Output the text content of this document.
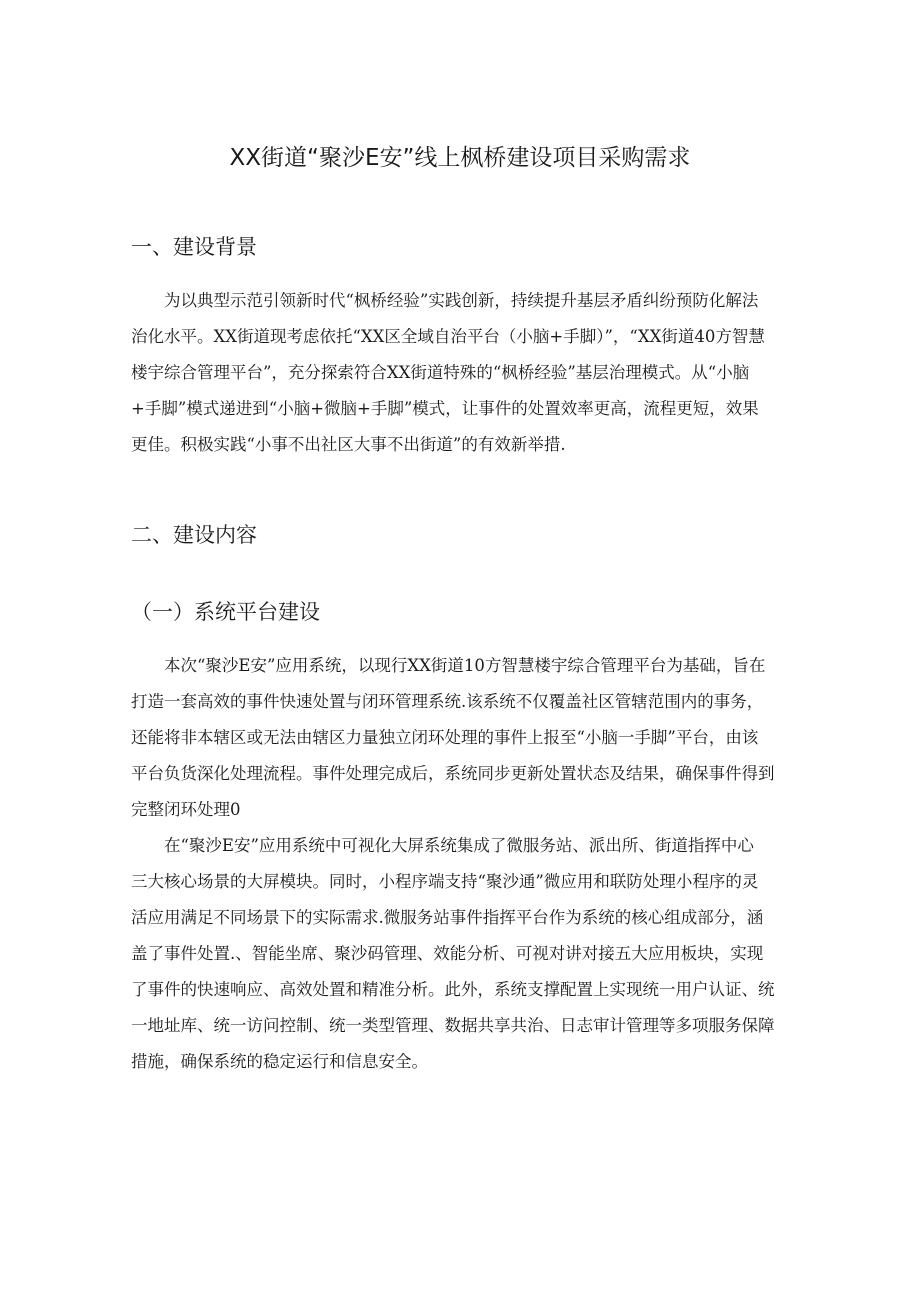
XX街道“聚沙E安”线上枫桥建设项目采购需求
一、建设背景
为以典型示范引领新时代“枫桥经验”实践创新，持续提升基层矛盾纠纷预防化解法
治化水平。XX街道现考虑依托“XX区全域自治平台（小脑+手脚）”，“XX街道40方智慧
楼宇综合管理平台”，充分探索符合XX街道特殊的“枫桥经验”基层治理模式。从“小脑
+手脚”模式递进到“小脑+微脑+手脚”模式，让事件的处置效率更高，流程更短，效果
更佳。积极实践“小事不出社区大事不出街道”的有效新举措.
二、建设内容
（一）系统平台建设
本次“聚沙E安”应用系统，以现行XX街道10方智慧楼宇综合管理平台为基础，旨在
打造一套高效的事件快速处置与闭环管理系统.该系统不仅覆盖社区管辖范围内的事务，
还能将非本辖区或无法由辖区力量独立闭环处理的事件上报至“小脑一手脚”平台，由该
平台负货深化处理流程。事件处理完成后，系统同步更新处置状态及结果，确保事件得到
完整闭环处理0
在“聚沙E安”应用系统中可视化大屏系统集成了微服务站、派出所、街道指挥中心
三大核心场景的大屏模块。同时，小程序端支持“聚沙通”微应用和联防处理小程序的灵
活应用满足不同场景下的实际需求.微服务站事件指挥平台作为系统的核心组成部分，涵
盖了事件处置.、智能坐席、聚沙码管理、效能分析、可视对讲对接五大应用板块，实现
了事件的快速响应、高效处置和精准分析。此外，系统支撑配置上实现统一用户认证、统
一地址库、统一访问控制、统一类型管理、数据共享共治、日志审计管理等多项服务保障
措施，确保系统的稳定运行和信息安全。
